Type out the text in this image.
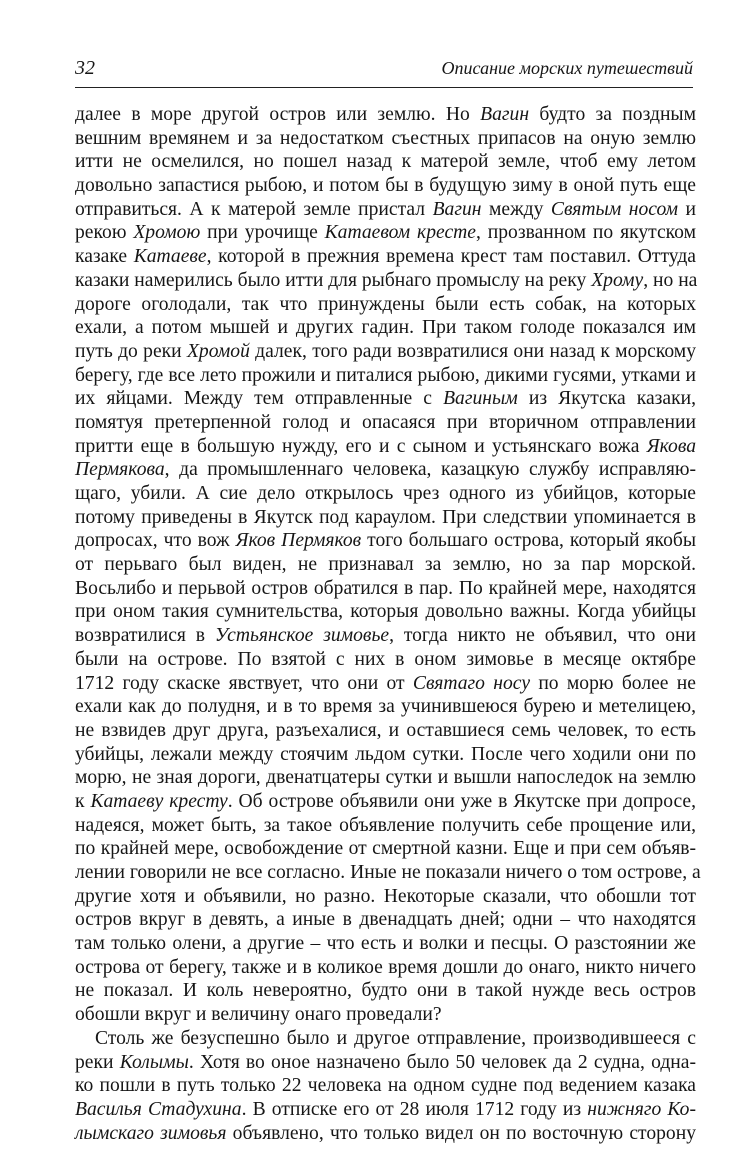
32	Описание морских путешествий
далее в море другой остров или землю. Но Вагин будто за поздным
вешним времянем и за недостатком съестных припасов на оную землю
итти не осмелился, но пошел назад к матерой земле, чтоб ему летом
довольно запастися рыбою, и потом бы в будущую зиму в оной путь еще
отправиться. А к матерой земле пристал Вагин между Святым носом и
рекою Хромою при урочище Катаевом кресте, прозванном по якутском
казаке Катаеве, которой в прежния времена крест там поставил. Оттуда
казаки намерились было итти для рыбнаго промыслу на реку Хрому, но на
дороге оголодали, так что принуждены были есть собак, на которых
ехали, а потом мышей и других гадин. При таком голоде показался им
путь до реки Хромой далек, того ради возвратилися они назад к морскому
берегу, где все лето прожили и питалися рыбою, дикими гусями, утками и
их яйцами. Между тем отправленные с Вагиным из Якутска казаки,
помятуя претерпенной голод и опасаяся при вторичном отправлении
притти еще в большую нужду, его и с сыном и устьянскаго вожа Якова
Пермякова, да промышленнаго человека, казацкую службу исправляю-
щаго, убили. А сие дело открылось чрез одного из убийцов, которые
потому приведены в Якутск под караулом. При следствии упоминается в
допросах, что вож Яков Пермяков того большаго острова, который якобы
от перьваго был виден, не признавал за землю, но за пар морской.
Восьлибо и перьвой остров обратился в пар. По крайней мере, находятся
при оном такия сумнительства, которыя довольно важны. Когда убийцы
возвратилися в Устьянское зимовье, тогда никто не объявил, что они
были на острове. По взятой с них в оном зимовье в месяце октябре
1712 году скаске явствует, что они от Святаго носу по морю более не
ехали как до полудня, и в то время за учинившеюся бурею и метелицею,
не взвидев друг друга, разъехалися, и оставшиеся семь человек, то есть
убийцы, лежали между стоячим льдом сутки. После чего ходили они по
морю, не зная дороги, двенатцатеры сутки и вышли напоследок на землю
к Катаеву кресту. Об острове объявили они уже в Якутске при допросе,
надеяся, может быть, за такое объявление получить себе прощение или,
по крайней мере, освобождение от смертной казни. Еще и при сем объяв-
лении говорили не все согласно. Иные не показали ничего о том острове, а
другие хотя и объявили, но разно. Некоторые сказали, что обошли тот
остров вкруг в девять, а иные в двенадцать дней; одни – что находятся
там только олени, а другие – что есть и волки и песцы. О разстоянии же
острова от берегу, также и в коликое время дошли до онаго, никто ничего
не показал. И коль невероятно, будто они в такой нужде весь остров
обошли вкруг и величину онаго проведали?
Столь же безуспешно было и другое отправление, производившееся с
реки Колымы. Хотя во оное назначено было 50 человек да 2 судна, одна-
ко пошли в путь только 22 человека на одном судне под ведением казака
Василья Стадухина. В отписке его от 28 июля 1712 году из нижняго Ко-
лымскаго зимовья объявлено, что только видел он по восточную сторону
